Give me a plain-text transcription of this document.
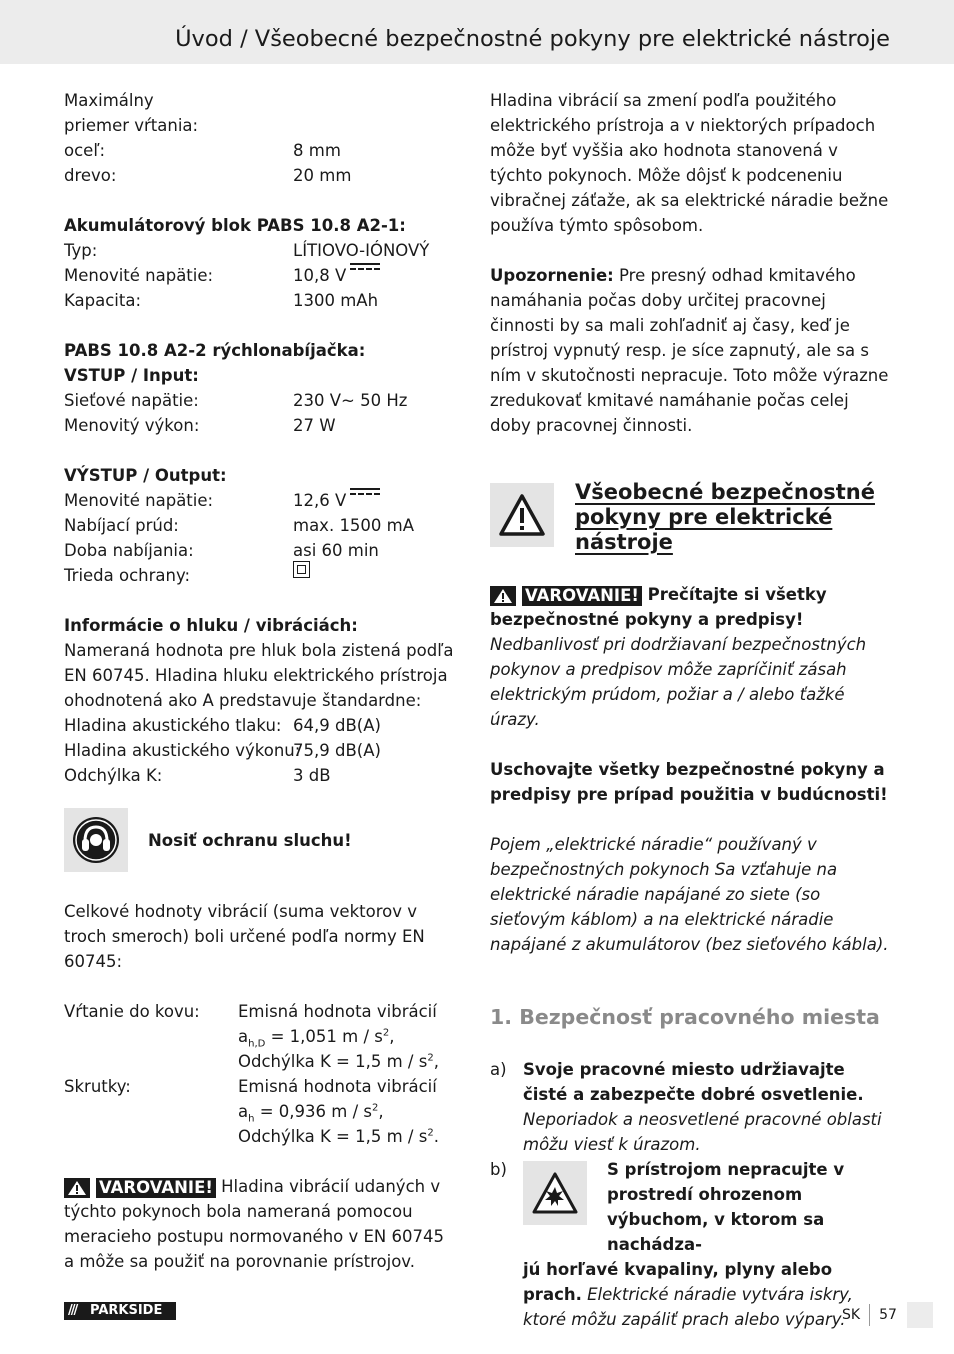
Úvod / Všeobecné bezpečnostné pokyny pre elektrické nástroje
Maximálny
priemer vŕtania:
oceľ:	8 mm
drevo:	20 mm
Akumulátorový blok PABS 10.8 A2-1:
Typ:	LÍTIOVO-IÓNOVÝ
Menovité napätie:	10,8 V
Kapacita:	1300 mAh
PABS 10.8 A2-2 rýchlonabíjačka:
VSTUP / Input:
Sieťové napätie:	230 V~ 50 Hz
Menovitý výkon:	27 W
VÝSTUP / Output:
Menovité napätie:	12,6 V
Nabíjací prúd:	max. 1500 mA
Doba nabíjania:	asi 60 min
Trieda ochrany:
Informácie o hluku / vibráciách:

Nameraná hodnota pre hluk bola zistená podľa EN 60745. Hladina hluku elektrického prístroja ohodnotená ako A predstavuje štandardne:

Hladina akustického tlaku: 64,9 dB(A)
Hladina akustického výkonu:
75,9 dB(A)
Odchýlka K:	3 dB
Nosiť ochranu sluchu!

Celkové hodnoty vibrácií (suma vektorov v troch smeroch) boli určené podľa normy EN 60745:

Vŕtanie do kovu:	Emisná hodnota vibrácií
$a_{h,D} = 1,051$ m / $s^2$,
Odchýlka K = 1,5 m / $s^2$,
Skrutky:	Emisná hodnota vibrácií
$a_h = 0,936$ m / $s^2$,
Odchýlka K = 1,5 m / $s^2$.

VAROVANIE! Hladina vibrácií udaných v týchto pokynoch bola nameraná pomocou meracieho postupu normovaného v EN 60745 a môže sa použiť na porovnanie prístrojov.

Hladina vibrácií sa zmení podľa použitého elektrického prístroja a v niektorých prípadoch môže byť vyššia ako hodnota stanovená v týchto pokynoch. Môže dôjsť k podceneniu vibračnej záťaže, ak sa elektrické náradie bežne používa týmto spôsobom.

Upozornenie: Pre presný odhad kmitavého namáhania počas doby určitej pracovnej činnosti by sa mali zohľadniť aj časy, keď je prístroj vypnutý resp. je síce zapnutý, ale sa s ním v skutočnosti nepracuje. Toto môže výrazne zredukovať kmitavé namáhanie počas celej doby pracovnej činnosti.

Všeobecné bezpečnostné pokyny pre elektrické nástroje

VAROVANIE! Prečítajte si všetky bezpečnostné pokyny a predpisy! Nedbanlivosť pri dodržiavaní bezpečnostných pokynov a predpisov môže zapríčiniť zásah elektrickým prúdom, požiar a / alebo ťažké úrazy.

Uschovajte všetky bezpečnostné pokyny a predpisy pre prípad použitia v budúcnosti!

Pojem „elektrické náradie“ používaný v bezpečnostných pokynoch Sa vzťahuje na elektrické náradie napájané zo siete (so sieťovým káblom) a na elektrické náradie napájané z akumulátorov (bez sieťového kábla).

1. Bezpečnosť pracovného miesta
a) Svoje pracovné miesto udržiavajte čisté a zabezpečte dobré osvetlenie.

Neporiadok a neosvetlené pracovné oblasti môžu viesť k úrazom.

b)	S prístrojom nepracujte v prostredí ohrozenom výbuchom, v ktorom sa nachádza-

jú horľavé kvapaliny, plyny alebo prach. Elektrické náradie vytvára iskry, ktoré môžu zapáliť prach alebo výpary.

///	PARKSIDE	SK 57
